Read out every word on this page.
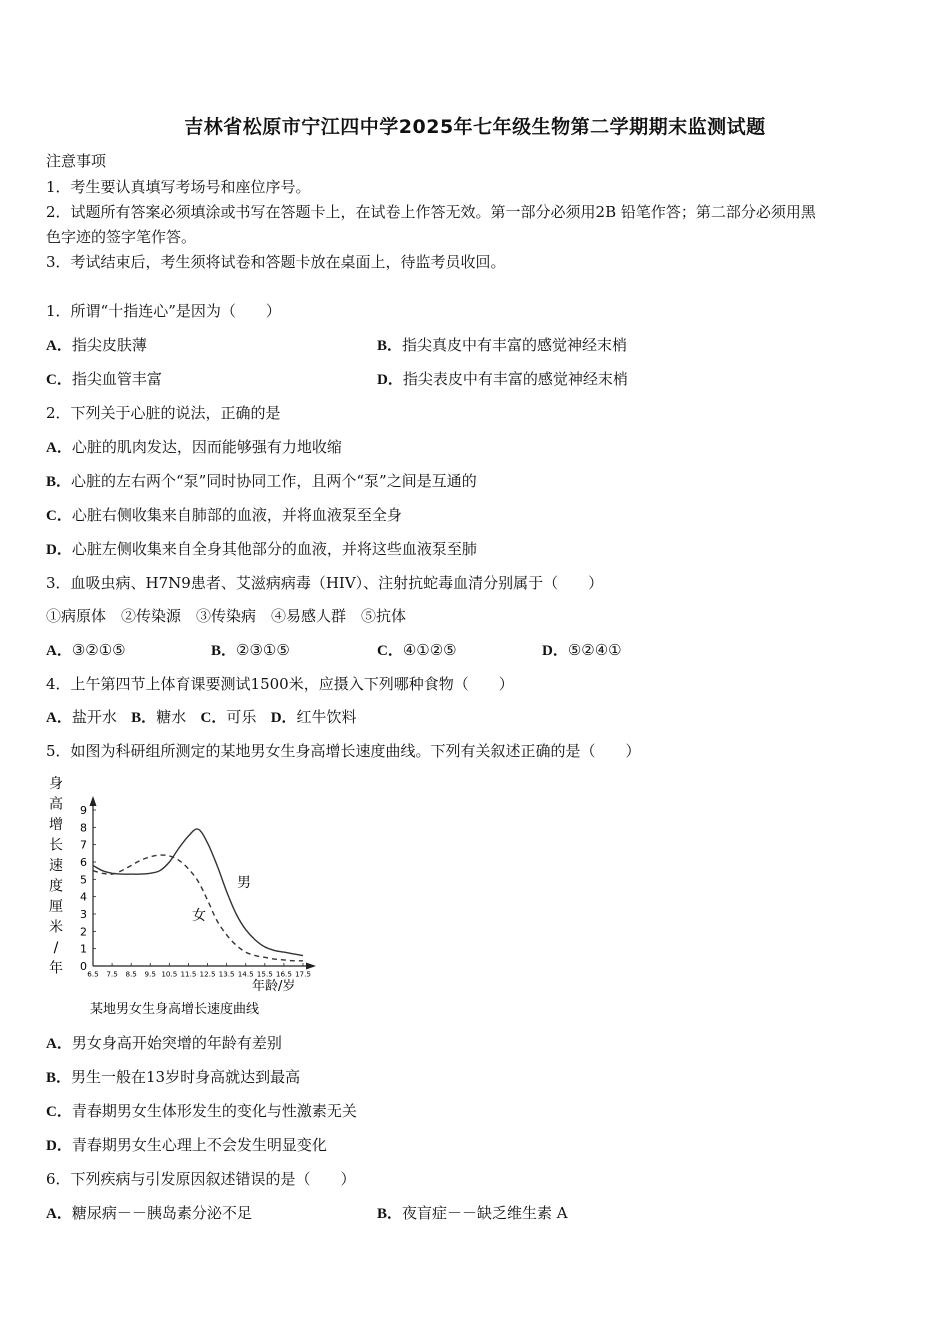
吉林省松原市宁江四中学2025年七年级生物第二学期期末监测试题
注意事项
1．考生要认真填写考场号和座位序号。
2．试题所有答案必须填涂或书写在答题卡上，在试卷上作答无效。第一部分必须用2B 铅笔作答；第二部分必须用黑
色字迹的签字笔作答。
3．考试结束后，考生须将试卷和答题卡放在桌面上，待监考员收回。
1．所谓“十指连心”是因为（　　）
A．指尖皮肤薄	B．指尖真皮中有丰富的感觉神经末梢
C．指尖血管丰富	D．指尖表皮中有丰富的感觉神经末梢
2．下列关于心脏的说法，正确的是
A．心脏的肌肉发达，因而能够强有力地收缩
B．心脏的左右两个“泵”同时协同工作，且两个“泵”之间是互通的
C．心脏右侧收集来自肺部的血液，并将血液泵至全身
D．心脏左侧收集来自全身其他部分的血液，并将这些血液泵至肺
3．血吸虫病、H7N9患者、艾滋病病毒（HIV）、注射抗蛇毒血清分别属于（　　）
①病原体　②传染源　③传染病　④易感人群　⑤抗体
A．③②①⑤	B．②③①⑤	C．④①②⑤	D．⑤②④①
4．上午第四节上体育课要测试1500米，应摄入下列哪种食物（　　）
A．盐开水 B．糖水 C．可乐 D．红牛饮料
5．如图为科研组所测定的某地男女生身高增长速度曲线。下列有关叙述正确的是（　　）
身
高
增
长
速
度
厘
米
/
年 0
1
2
3
4
5
6
7
8
9
6.5 7.5 8.5 9.5 10.5 11.5 12.5 13.5 14.5 15.5 16.5 17.5
男
女
年龄/岁
某地男女生身高增长速度曲线
A．男女身高开始突增的年龄有差别
B．男生一般在13岁时身高就达到最高
C．青春期男女生体形发生的变化与性激素无关
D．青春期男女生心理上不会发生明显变化
6．下列疾病与引发原因叙述错误的是（　　）
A．糖尿病－－胰岛素分泌不足	B．夜盲症－－缺乏维生素 A
